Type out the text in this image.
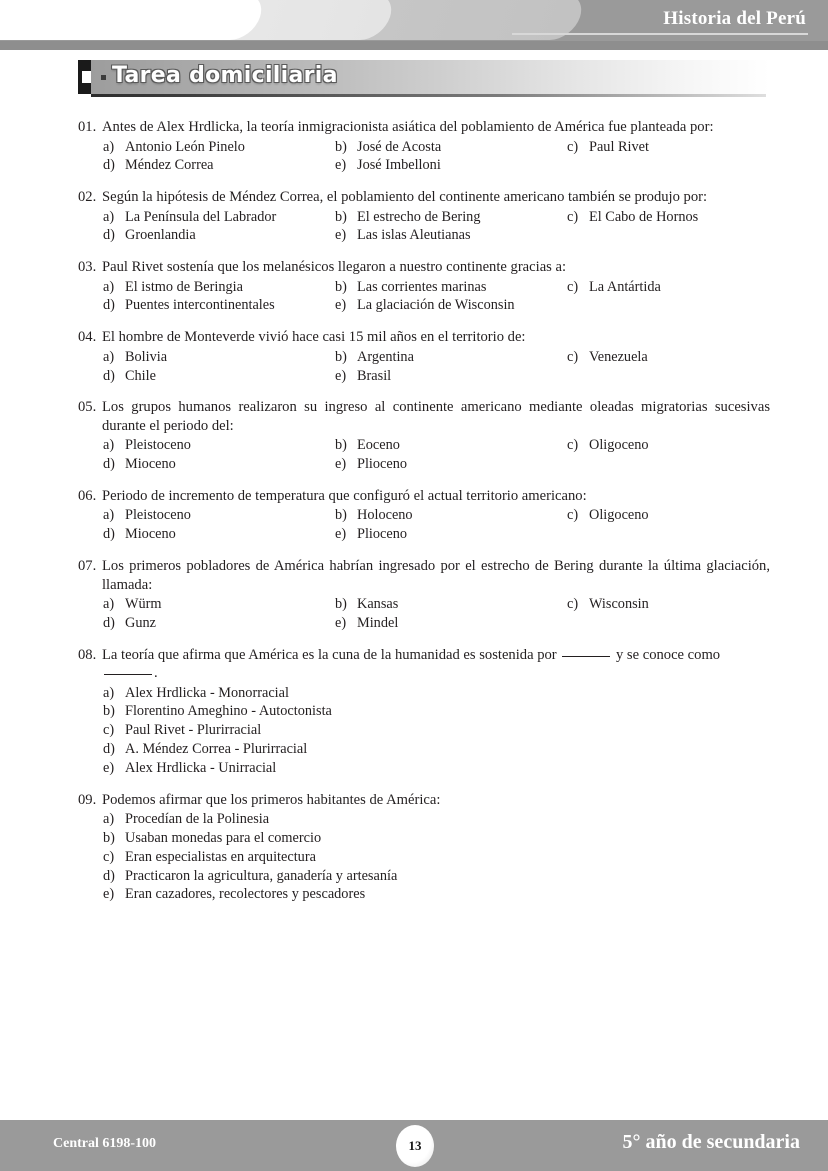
Historia del Perú
Tarea domiciliaria
01. Antes de Alex Hrdlicka, la teoría inmigracionista asiática del poblamiento de América fue planteada por:
a) Antonio León Pinelo	b) José de Acosta	c) Paul Rivet
d) Méndez Correa	e) José Imbelloni
02. Según la hipótesis de Méndez Correa, el poblamiento del continente americano también se produjo por:
a) La Península del Labrador	b) El estrecho de Bering	c) El Cabo de Hornos
d) Groenlandia	e) Las islas Aleutianas
03. Paul Rivet sostenía que los melanésicos llegaron a nuestro continente gracias a:
a) El istmo de Beringia	b) Las corrientes marinas	c) La Antártida
d) Puentes intercontinentales	e) La glaciación de Wisconsin
04. El hombre de Monteverde vivió hace casi 15 mil años en el territorio de:
a) Bolivia	b) Argentina	c) Venezuela
d) Chile	e) Brasil
05. Los grupos humanos realizaron su ingreso al continente americano mediante oleadas migratorias sucesivas durante el periodo del:
a) Pleistoceno	b) Eoceno	c) Oligoceno
d) Mioceno	e) Plioceno
06. Periodo de incremento de temperatura que configuró el actual territorio americano:
a) Pleistoceno	b) Holoceno	c) Oligoceno
d) Mioceno	e) Plioceno
07. Los primeros pobladores de América habrían ingresado por el estrecho de Bering durante la última glaciación, llamada:
a) Würm	b) Kansas	c) Wisconsin
d) Gunz	e) Mindel
08. La teoría que afirma que América es la cuna de la humanidad es sostenida por	y se conoce como .
a) Alex Hrdlicka - Monorracial
b) Florentino Ameghino - Autoctonista
c) Paul Rivet - Plurirracial
d) A. Méndez Correa - Plurirracial
e) Alex Hrdlicka - Unirracial
09. Podemos afirmar que los primeros habitantes de América:
a) Procedían de la Polinesia
b) Usaban monedas para el comercio
c) Eran especialistas en arquitectura
d) Practicaron la agricultura, ganadería y artesanía
e) Eran cazadores, recolectores y pescadores
Central 6198-100	5° año de secundaria
13
